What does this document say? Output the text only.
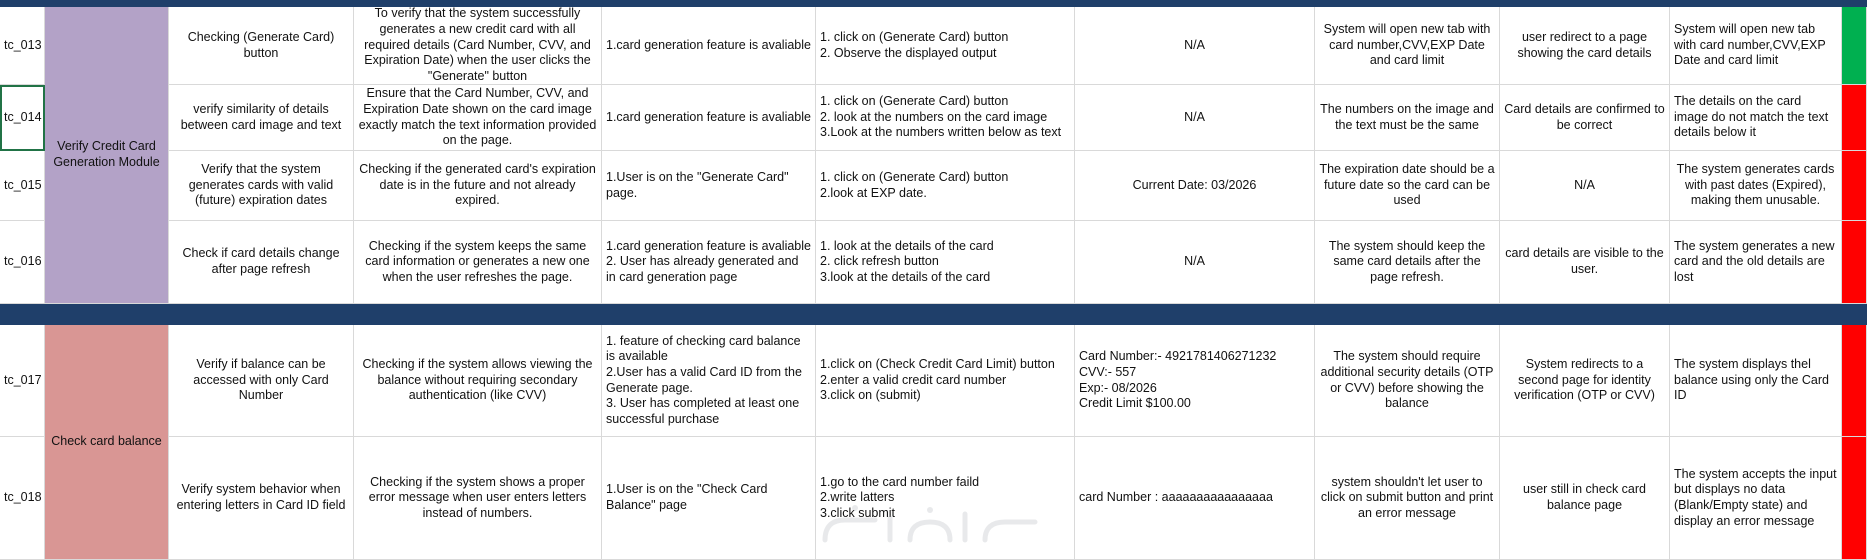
Verify Credit Card Generation Module
Check card balance
tc_013
Checking (Generate Card) button
To verify that the system successfully generates a new credit card with all required details (Card Number, CVV, and Expiration Date) when the user clicks the "Generate" button
1.card generation feature is avaliable
1. click on (Generate Card) button
2. Observe the displayed output
N/A
System will open new tab with card number,CVV,EXP Date and card limit
user redirect to a page showing the card details
System will open new tab with card number,CVV,EXP Date and card limit
tc_014
verify similarity of details between card image and text
Ensure that the Card Number, CVV, and Expiration Date shown on the card image exactly match the text information provided on the page.
1.card generation feature is avaliable
1. click on (Generate Card) button
2. look at the numbers on the card image
3.Look at the numbers written below as text
N/A
The numbers on the image and the text must be the same
Card details are confirmed to be correct
The details on the card image do not match the text details below it
tc_015
Verify that the system generates cards with valid (future) expiration dates
Checking if the generated card's expiration date is in the future and not already expired.
1.User is on the "Generate Card" page.
1. click on (Generate Card) button
2.look at EXP date.
Current Date: 03/2026
The expiration date should be a future date so the card can be used
N/A
The system generates cards with past dates (Expired), making them unusable.
tc_016
Check if card details change after page refresh
Checking if the system keeps the same card information or generates a new one when the user refreshes the page.
1.card generation feature is avaliable
2. User has already generated and in card generation page
1. look at the details of the card
2. click refresh button
3.look at the details of the card
N/A
The system should keep the same card details after the page refresh.
card details are visible to the user.
The system generates a new card and the old details are lost
tc_017
Verify if balance can be accessed with only Card Number
Checking if the system allows viewing the balance without requiring secondary authentication (like CVV)
1. feature of checking card balance is available
2.User has a valid Card ID from the Generate page.
3. User has completed at least one successful purchase
1.click on (Check Credit Card Limit) button
2.enter a valid credit card number
3.click on (submit)
Card Number:- 4921781406271232
CVV:- 557
Exp:- 08/2026
Credit Limit $100.00
The system should require additional security details (OTP or CVV) before showing the balance
System redirects to a second page for identity verification (OTP or CVV)
The system displays thel balance using only the Card ID
tc_018
Verify system behavior when entering letters in Card ID field
Checking if the system shows a proper error message when user enters letters instead of numbers.
1.User is on the "Check Card Balance" page
1.go to the card number faild
2.write latters
3.click submit
card Number : aaaaaaaaaaaaaaaa
system shouldn't let user to click on submit button and print an error message
user still in check card balance page
The system accepts the input but displays no data (Blank/Empty state) and display an error message
